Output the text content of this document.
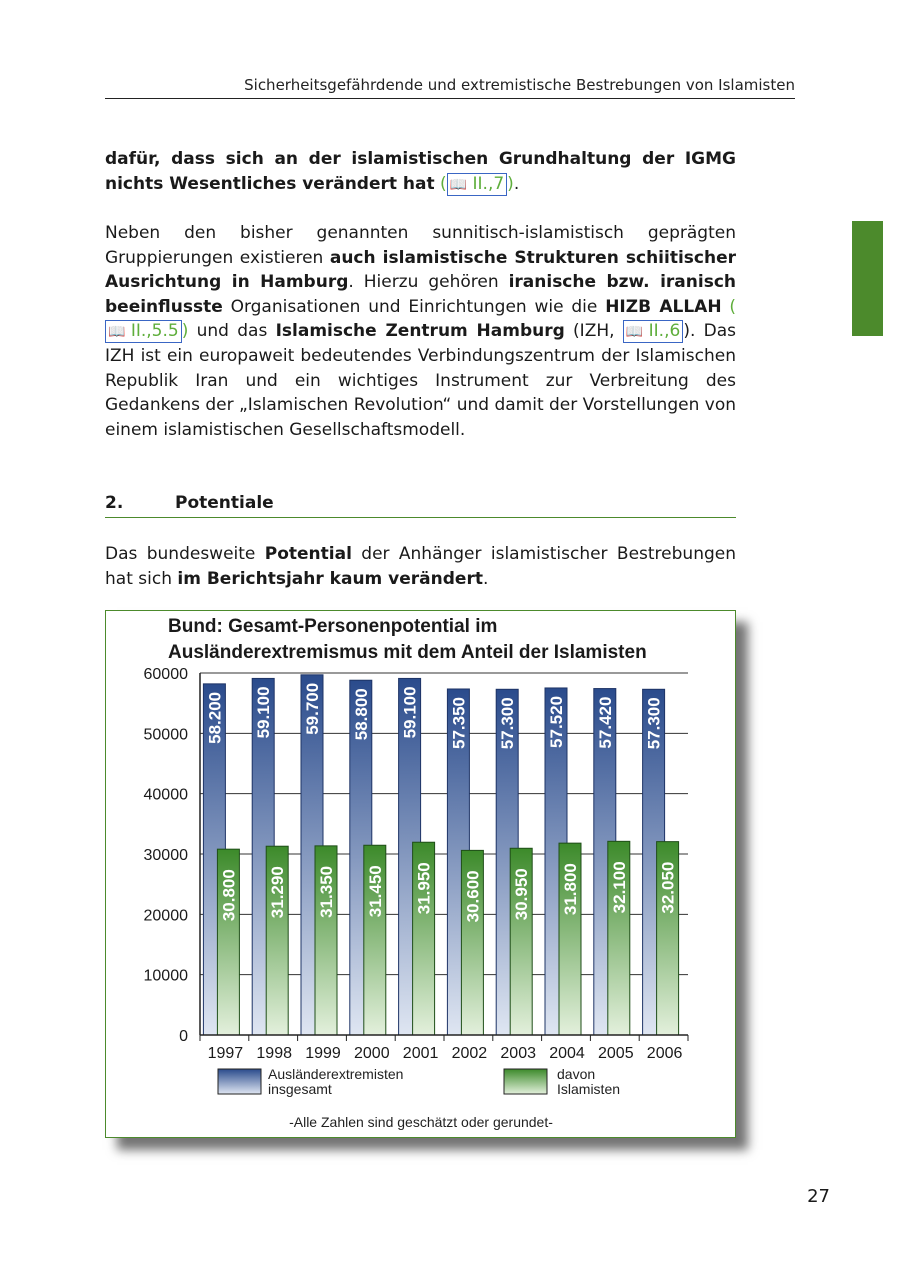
Sicherheitsgefährdende und extremistische Bestrebungen von Islamisten
dafür, dass sich an der islamistischen Grundhaltung der IGMG nichts Wesentliches verändert hat ( 📖 II.,7 ).
Neben den bisher genannten sunnitisch-islamistisch geprägten Gruppierungen existieren auch islamistische Strukturen schiitischer Ausrichtung in Hamburg. Hierzu gehören iranische bzw. iranisch beeinflusste Organisationen und Einrichtungen wie die HIZB ALLAH (📖 II.,5.5 ) und das Islamische Zentrum Hamburg (IZH, 📖 II.,6 ). Das IZH ist ein europaweit bedeutendes Verbindungszentrum der Islamischen Republik Iran und ein wichtiges Instrument zur Verbreitung des Gedankens der „Islamischen Revolution“ und damit der Vorstellungen von einem islamistischen Gesellschaftsmodell.
2.	Potentiale
Das bundesweite Potential der Anhänger islamistischer Bestrebungen hat sich im Berichtsjahr kaum verändert.
Bund: Gesamt-Personenpotential im
Ausländerextremismus mit dem Anteil der Islamisten
0
10000
20000
30000
40000
50000
60000
58.200
30.800
59.100
31.290
59.700
31.350
58.800
31.450
59.100
31.950
57.350
30.600
57.300
30.950
57.520
31.800
57.420
32.100
57.300
32.050
1997 1998 1999 2000 2001 2002 2003 2004 2005 2006
Ausländerextremisten
insgesamt
davon
Islamisten
-Alle Zahlen sind geschätzt oder gerundet-
27
